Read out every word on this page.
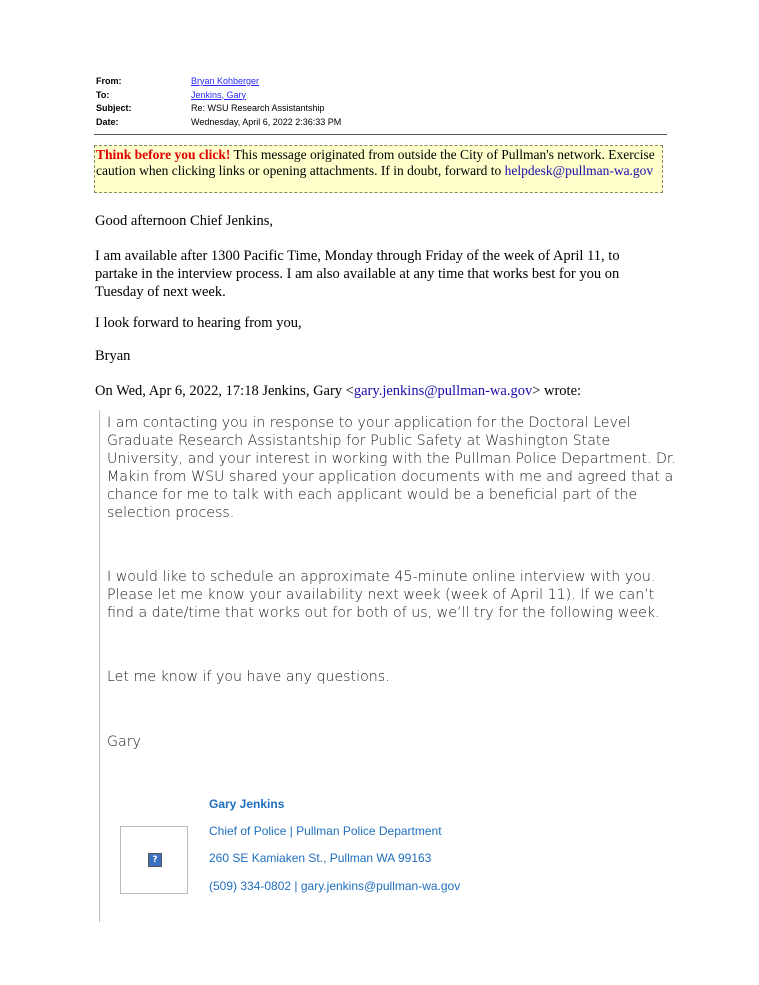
From:	Bryan Kohberger
To:	Jenkins, Gary
Subject:	Re: WSU Research Assistantship
Date:	Wednesday, April 6, 2022 2:36:33 PM
Think before you click! This message originated from outside the City of Pullman's network. Exercise caution when clicking links or opening attachments. If in doubt, forward to helpdesk@pullman-wa.gov
Good afternoon Chief Jenkins,
I am available after 1300 Pacific Time, Monday through Friday of the week of April 11, to partake in the interview process. I am also available at any time that works best for you on Tuesday of next week.
I look forward to hearing from you,
Bryan
On Wed, Apr 6, 2022, 17:18 Jenkins, Gary <gary.jenkins@pullman-wa.gov> wrote:
I am contacting you in response to your application for the Doctoral Level Graduate Research Assistantship for Public Safety at Washington State University, and your interest in working with the Pullman Police Department. Dr. Makin from WSU shared your application documents with me and agreed that a chance for me to talk with each applicant would be a beneficial part of the selection process.
I would like to schedule an approximate 45-minute online interview with you. Please let me know your availability next week (week of April 11). If we can’t find a date/time that works out for both of us, we’ll try for the following week.
Let me know if you have any questions.
Gary
Gary Jenkins
?
Chief of Police | Pullman Police Department
260 SE Kamiaken St., Pullman WA 99163
(509) 334-0802 | gary.jenkins@pullman-wa.gov
